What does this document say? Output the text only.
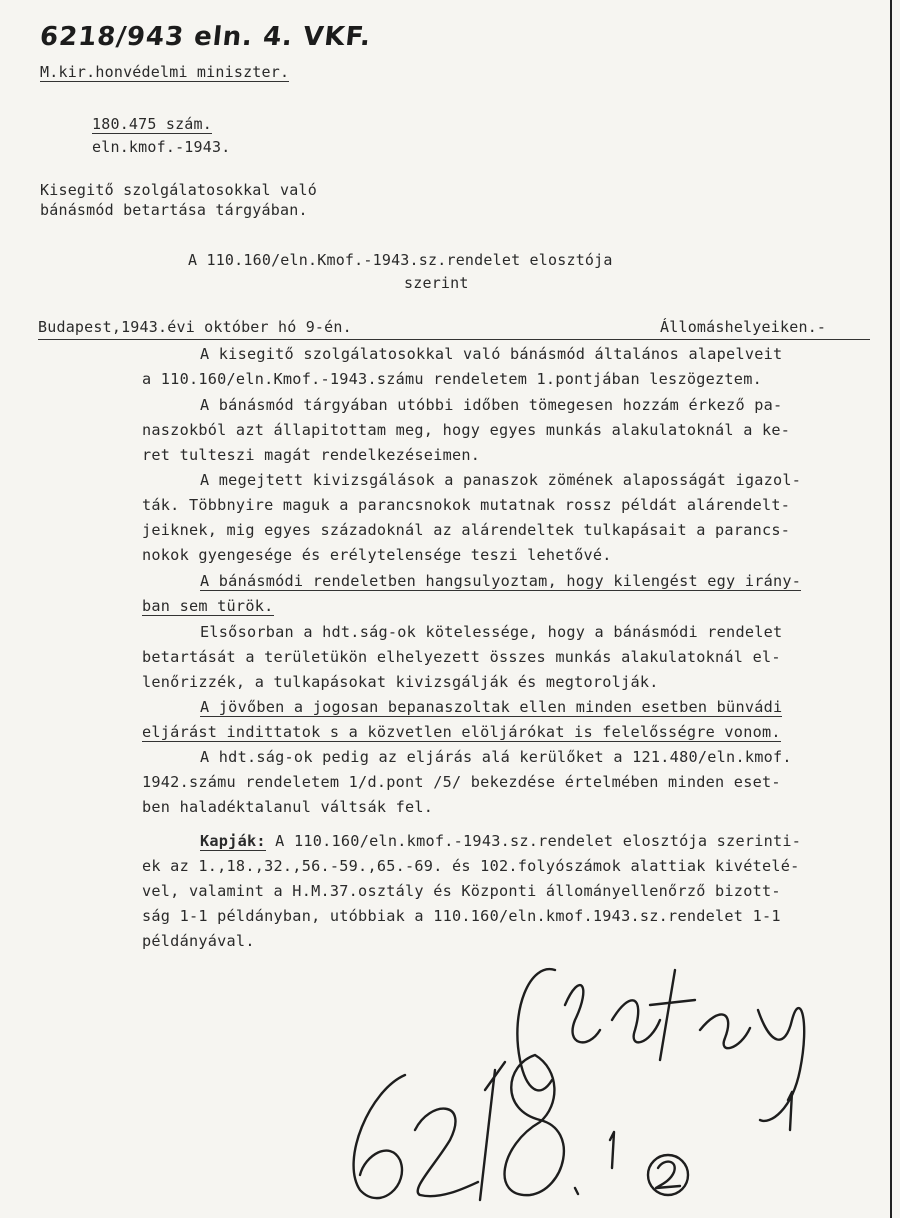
6218/943 eln. 4. VKF.
M.kir.honvédelmi miniszter.
180.475 szám.
eln.kmof.-1943.
Kisegitő szolgálatosokkal való
bánásmód betartása tárgyában.
A 110.160/eln.Kmof.-1943.sz.rendelet elosztója
szerint
Budapest,1943.évi október hó 9-én.	Állomáshelyeiken.-
A kisegitő szolgálatosokkal való bánásmód általános alapelveit
a 110.160/eln.Kmof.-1943.számu rendeletem 1.pontjában leszögeztem.
A bánásmód tárgyában utóbbi időben tömegesen hozzám érkező pa-
naszokból azt állapitottam meg, hogy egyes munkás alakulatoknál a ke-
ret tulteszi magát rendelkezéseimen.
A megejtett kivizsgálások a panaszok zömének alaposságát igazol-
ták. Többnyire maguk a parancsnokok mutatnak rossz példát alárendelt-
jeiknek, mig egyes századoknál az alárendeltek tulkapásait a parancs-
nokok gyengesége és erélytelensége teszi lehetővé.
A bánásmódi rendeletben hangsulyoztam, hogy kilengést egy irány-
ban sem türök.
Elsősorban a hdt.ság-ok kötelessége, hogy a bánásmódi rendelet
betartását a területükön elhelyezett összes munkás alakulatoknál el-
lenőrizzék, a tulkapásokat kivizsgálják és megtorolják.
A jövőben a jogosan bepanaszoltak ellen minden esetben bünvádi
eljárást indittatok s a közvetlen elöljárókat is felelősségre vonom.
A hdt.ság-ok pedig az eljárás alá kerülőket a 121.480/eln.kmof.
1942.számu rendeletem 1/d.pont /5/ bekezdése értelmében minden eset-
ben haladéktalanul váltsák fel.
Kapják: A 110.160/eln.kmof.-1943.sz.rendelet elosztója szerinti-
ek az 1.,18.,32.,56.-59.,65.-69. és 102.folyószámok alattiak kivételé-
vel, valamint a H.M.37.osztály és Központi állományellenőrző bizott-
ság 1-1 példányban, utóbbiak a 110.160/eln.kmof.1943.sz.rendelet 1-1
példányával.
